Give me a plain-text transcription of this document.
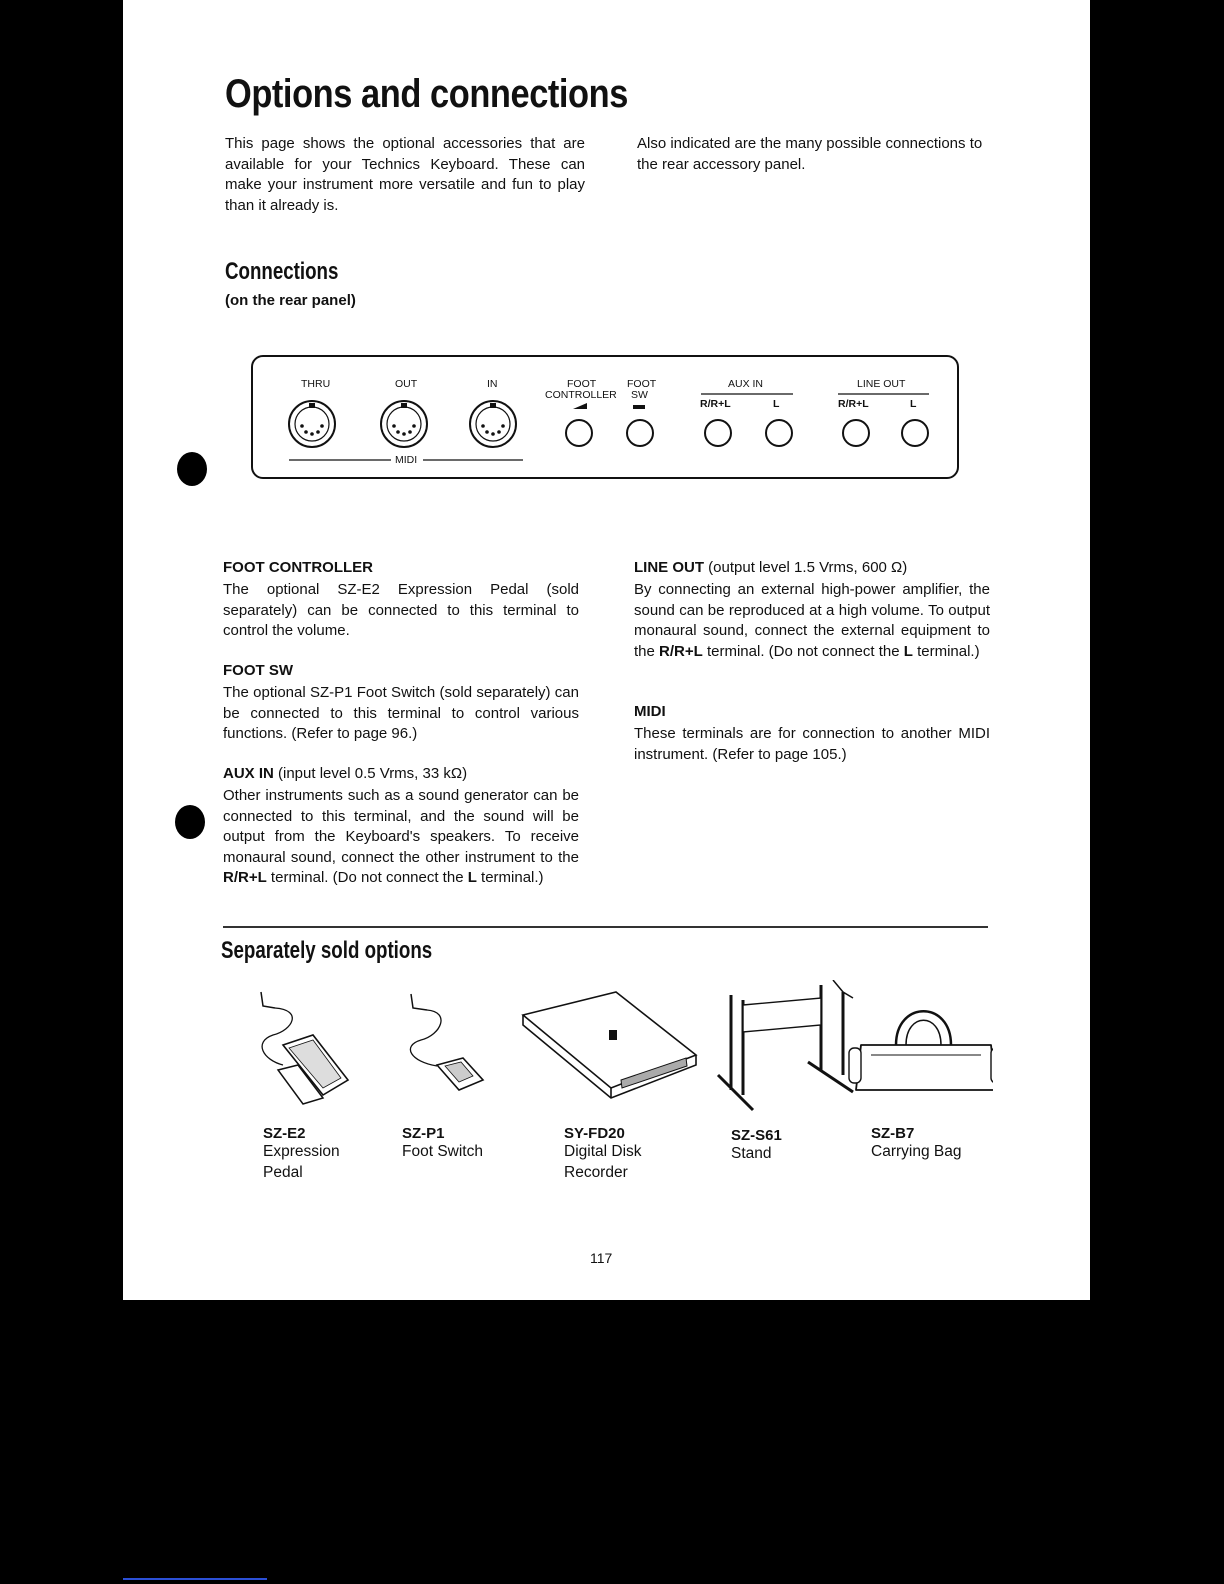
Options and connections
This page shows the optional accessories that are available for your Technics Keyboard. These can make your instrument more versatile and fun to play than it already is.
Also indicated are the many possible connections to the rear accessory panel.
Connections
(on the rear panel)
THRU	OUT	IN
MIDI
FOOT	FOOT
CONTROLLER SW
AUX IN	LINE OUT
R/R+L	L	R/R+L	L
FOOT CONTROLLER
The optional SZ-E2 Expression Pedal (sold separately) can be connected to this terminal to control the volume.
FOOT SW
The optional SZ-P1 Foot Switch (sold separately) can be connected to this terminal to control various functions. (Refer to page 96.)
AUX IN (input level 0.5 Vrms, 33 kΩ)
Other instruments such as a sound generator can be connected to this terminal, and the sound will be output from the Keyboard's speakers. To receive monaural sound, connect the other instrument to the R/R+L terminal. (Do not connect the L terminal.)
LINE OUT (output level 1.5 Vrms, 600 Ω)
By connecting an external high-power amplifier, the sound can be reproduced at a high volume. To output monaural sound, connect the external equipment to the R/R+L terminal. (Do not connect the L terminal.)
MIDI
These terminals are for connection to another MIDI instrument. (Refer to page 105.)
Separately sold options
SZ-E2
Expression
Pedal
SZ-P1
Foot Switch
SY-FD20
Digital Disk
Recorder
SZ-S61
Stand
SZ-B7
Carrying Bag
117
